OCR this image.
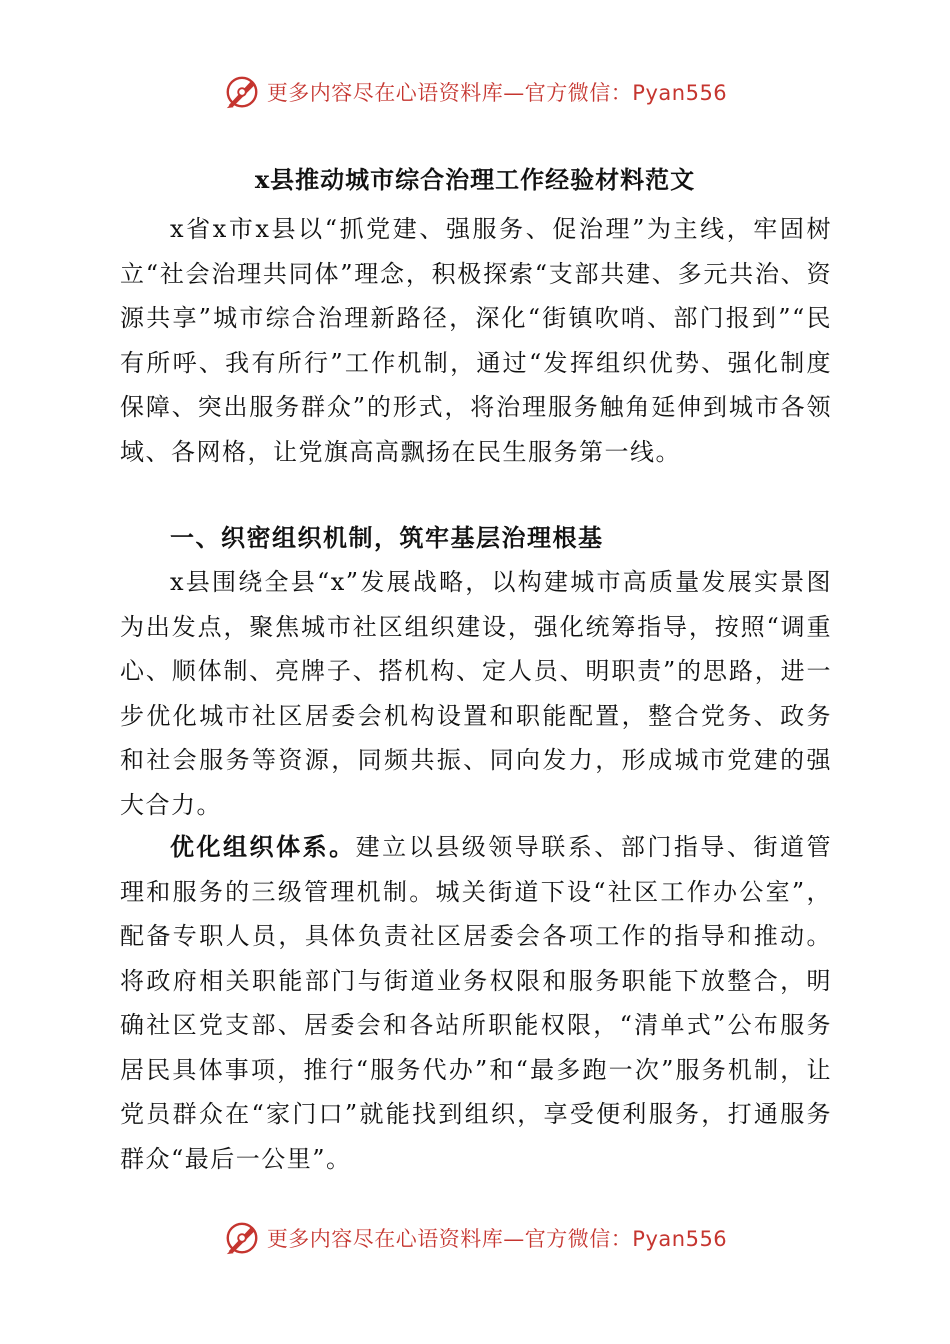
更多内容尽在心语资料库—官方微信：Pyan556
x县推动城市综合治理工作经验材料范文

x省x市x县以“抓党建、强服务、促治理”为主线，牢固树立“社会治理共同体”理念，积极探索“支部共建、多元共治、资源共享”城市综合治理新路径，深化“街镇吹哨、部门报到”“民有所呼、我有所行”工作机制，通过“发挥组织优势、强化制度保障、突出服务群众”的形式，将治理服务触角延伸到城市各领域、各网格，让党旗高高飘扬在民生服务第一线。

一、织密组织机制，筑牢基层治理根基

x县围绕全县“x”发展战略，以构建城市高质量发展实景图为出发点，聚焦城市社区组织建设，强化统筹指导，按照“调重心、顺体制、亮牌子、搭机构、定人员、明职责”的思路，进一步优化城市社区居委会机构设置和职能配置，整合党务、政务和社会服务等资源，同频共振、同向发力，形成城市党建的强大合力。

优化组织体系。建立以县级领导联系、部门指导、街道管理和服务的三级管理机制。城关街道下设“社区工作办公室”，配备专职人员，具体负责社区居委会各项工作的指导和推动。将政府相关职能部门与街道业务权限和服务职能下放整合，明确社区党支部、居委会和各站所职能权限，“清单式”公布服务居民具体事项，推行“服务代办”和“最多跑一次”服务机制，让党员群众在“家门口”就能找到组织，享受便利服务，打通服务群众“最后一公里”。

更多内容尽在心语资料库—官方微信：Pyan556
